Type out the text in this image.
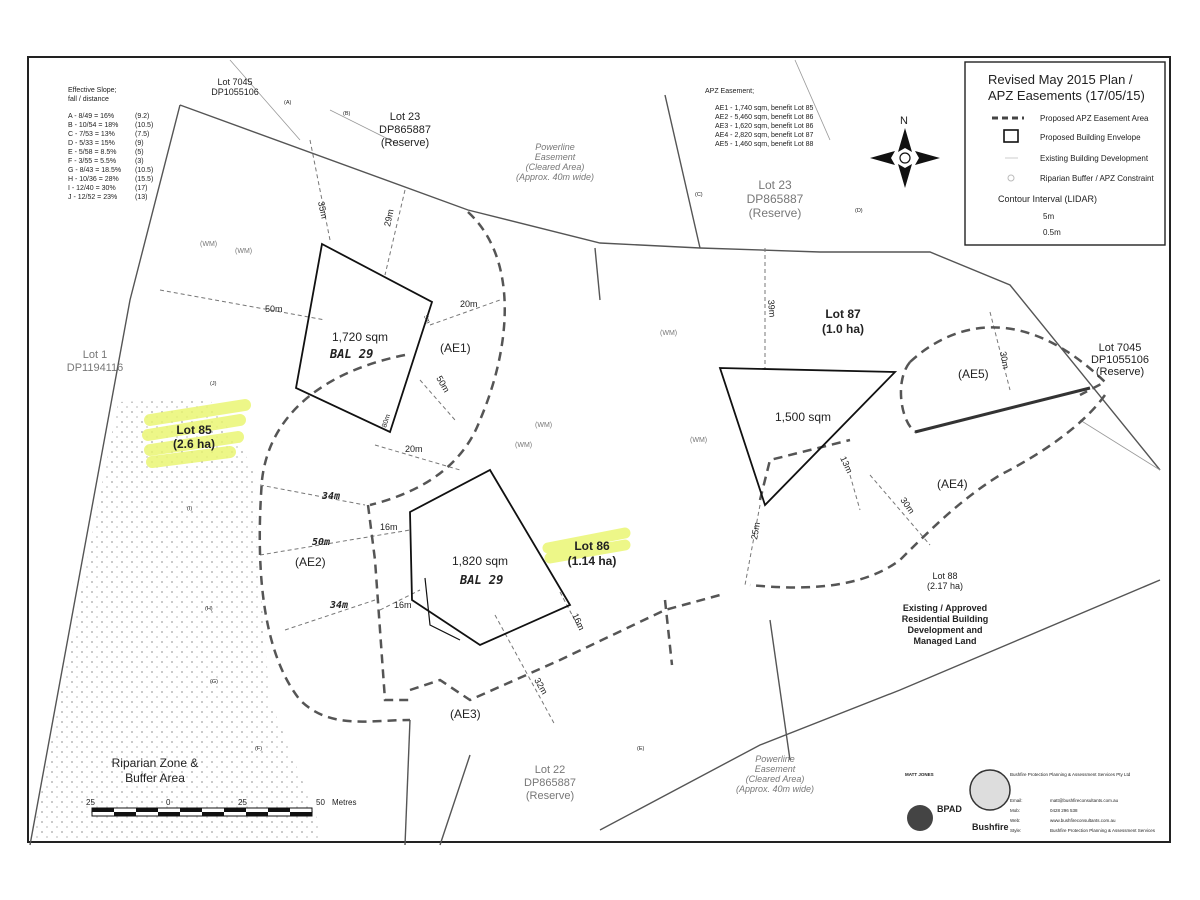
Revised May 2015 Plan /
APZ Easements (17/05/15)
Proposed APZ Easement Area
Proposed Building Envelope
Existing Building Development
Riparian Buffer / APZ Constraint
Contour Interval (LIDAR)
5m
0.5m
N
Effective Slope;
fall / distance
A - 8/49 = 16%	(9.2)
B - 10/54 = 18% (10.5)
C - 7/53 = 13%	(7.5)
D - 5/33 = 15%	(9)
E - 5/58 = 8.5%	(5)
F - 3/55 = 5.5%	(3)
G - 8/43 = 18.5% (10.5)
H - 10/36 = 28% (15.5)
I - 12/40 = 30%	(17)
J - 12/52 = 23%	(13)
APZ Easement;
AE1 - 1,740 sqm, benefit Lot 85
AE2 - 5,460 sqm, benefit Lot 86
AE3 - 1,620 sqm, benefit Lot 86
AE4 - 2,820 sqm, benefit Lot 87
AE5 - 1,460 sqm, benefit Lot 88
Lot 7045
DP1055106
Lot 23
DP865887
(Reserve)
Lot 23
DP865887
(Reserve)
Lot 1
DP1194116
Lot 85
(2.6 ha)
Lot 86
(1.14 ha)
Lot 87
(1.0 ha)
Lot 7045
DP1055106
(Reserve)
Lot 88
(2.17 ha)
Lot 22
DP865887
(Reserve)
Powerline
Easement
(Cleared Area)
(Approx. 40m wide)
Powerline
Easement
(Cleared Area)
(Approx. 40m wide)
Existing / Approved
Residential Building
Development and
Managed Land
Riparian Zone &
Buffer Area
1,720 sqm
BAL 29
1,820 sqm
BAL 29
1,500 sqm
(AE1)
(AE2)
(AE3)
(AE4)
(AE5)
(A)
(B)
(C)
(D)
(E)
(F)
(G)
(H)
(I)
(J)
(WM)
(WM)
(WM)
(WM)
(WM)
(WM)
35m	29m
50m
5m
20m
50m
80m
20m
34m
16m
50m
34m	16m
16m
32m
39m
30m
13m
30m
25m
25	0	25	50 Metres
MATT JONES	Bushfire Protection Planning & Assessment Services Pty Ltd
Email:	matt@bushfireconsultants.com.au
Mob:	0428 296 538
Web:	www.bushfireconsultants.com.au
Style:	Bushfire Protection Planning & Assessment Services
BPAD
Bushfire
